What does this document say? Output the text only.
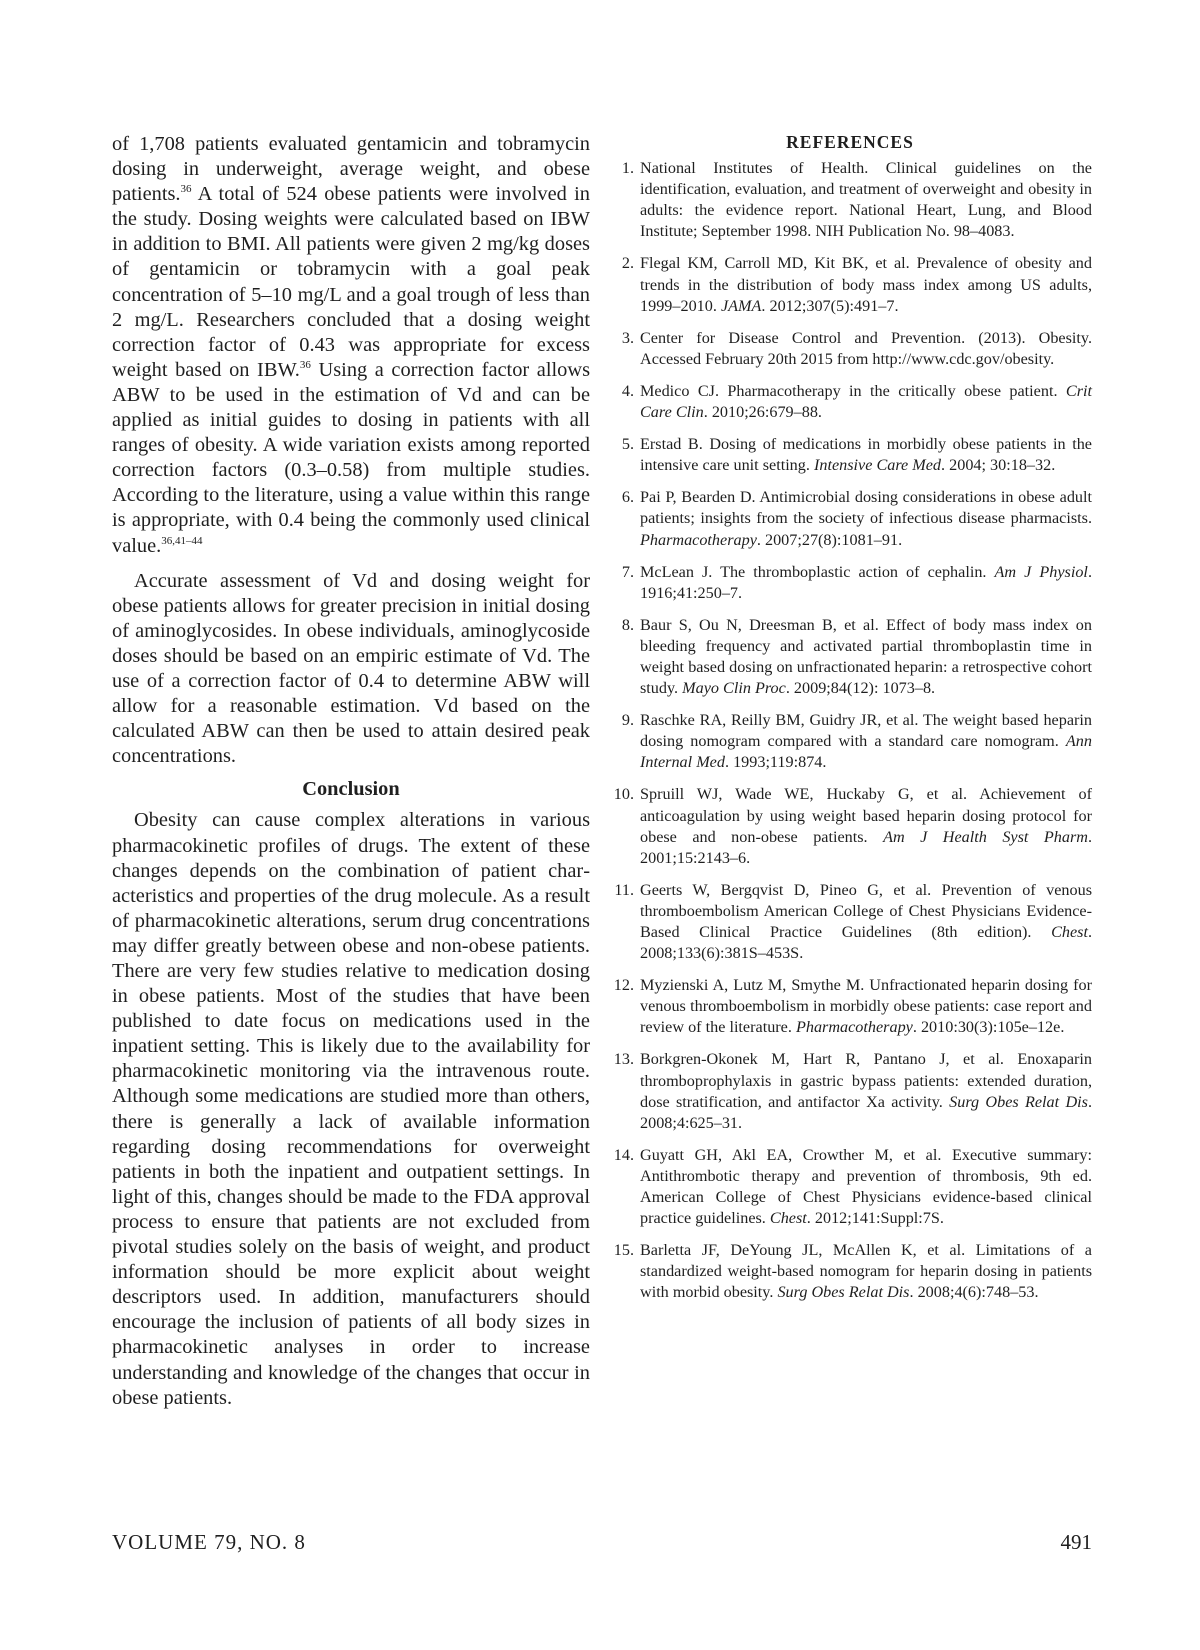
of 1,708 patients evaluated gentamicin and tobramycin dosing in underweight, average weight, and obese patients.$^{36}$ A total of 524 obese patients were involved in the study. Dosing weights were calculated based on IBW in addition to BMI. All patients were given 2 mg/kg doses of gentamicin or tobramycin with a goal peak concentration of 5–10 mg/L and a goal trough of less than 2 mg/L. Researchers concluded that a dosing weight correction factor of 0.43 was appropriate for excess weight based on IBW.$^{36}$ Using a correction factor allows ABW to be used in the estimation of Vd and can be applied as initial guides to dosing in patients with all ranges of obesity. A wide variation exists among reported correction factors (0.3–0.58) from multiple studies. According to the literature, using a value within this range is appropriate, with 0.4 being the commonly used clinical value.$^{36,41-44}$

Accurate assessment of Vd and dosing weight for obese patients allows for greater precision in initial dosing of aminoglycosides. In obese individuals, aminoglycoside doses should be based on an empiric estimate of Vd. The use of a correction factor of 0.4 to determine ABW will allow for a reasonable estimation. Vd based on the calculated ABW can then be used to attain desired peak concentrations.

Conclusion

Obesity can cause complex alterations in various pharmacokinetic profiles of drugs. The extent of these changes depends on the combination of patient characteristics and properties of the drug molecule. As a result of pharmacokinetic alterations, serum drug concentrations may differ greatly between obese and non-obese patients. There are very few studies relative to medication dosing in obese patients. Most of the studies that have been published to date focus on medications used in the inpatient setting. This is likely due to the availability for pharmacokinetic monitoring via the intravenous route. Although some medications are studied more than others, there is generally a lack of available information regarding dosing recommendations for overweight patients in both the inpatient and outpatient settings. In light of this, changes should be made to the FDA approval process to ensure that patients are not excluded from pivotal studies solely on the basis of weight, and product information should be more explicit about weight descriptors used. In addition, manufacturers should encourage the inclusion of patients of all body sizes in pharmacokinetic analyses in order to increase understanding and knowledge of the changes that occur in obese patients.

REFERENCES
1. National Institutes of Health. Clinical guidelines on the identification, evaluation, and treatment of overweight and obesity in adults: the evidence report. National Heart, Lung, and Blood Institute; September 1998. NIH Publication No. 98–4083.
2. Flegal KM, Carroll MD, Kit BK, et al. Prevalence of obesity and trends in the distribution of body mass index among US adults, 1999–2010. JAMA. 2012;307(5):491–7.
3. Center for Disease Control and Prevention. (2013). Obesity. Accessed February 20th 2015 from http://www.cdc.gov/obesity.
4. Medico CJ. Pharmacotherapy in the critically obese patient. Crit Care Clin. 2010;26:679–88.
5. Erstad B. Dosing of medications in morbidly obese patients in the intensive care unit setting. Intensive Care Med. 2004; 30:18–32.
6. Pai P, Bearden D. Antimicrobial dosing considerations in obese adult patients; insights from the society of infectious disease pharmacists. Pharmacotherapy. 2007;27(8):1081–91.
7. McLean J. The thromboplastic action of cephalin. Am J Physiol. 1916;41:250–7.
8. Baur S, Ou N, Dreesman B, et al. Effect of body mass index on bleeding frequency and activated partial thromboplastin time in weight based dosing on unfractionated heparin: a retrospective cohort study. Mayo Clin Proc. 2009;84(12): 1073–8.
9. Raschke RA, Reilly BM, Guidry JR, et al. The weight based heparin dosing nomogram compared with a standard care nomogram. Ann Internal Med. 1993;119:874.
10. Spruill WJ, Wade WE, Huckaby G, et al. Achievement of anticoagulation by using weight based heparin dosing protocol for obese and non-obese patients. Am J Health Syst Pharm. 2001;15:2143–6.
11. Geerts W, Bergqvist D, Pineo G, et al. Prevention of venous thromboembolism American College of Chest Physicians Evidence-Based Clinical Practice Guidelines (8th edition). Chest. 2008;133(6):381S–453S.
12. Myzienski A, Lutz M, Smythe M. Unfractionated heparin dosing for venous thromboembolism in morbidly obese patients: case report and review of the literature. Pharmacotherapy. 2010:30(3):105e–12e.
13. Borkgren-Okonek M, Hart R, Pantano J, et al. Enoxaparin thromboprophylaxis in gastric bypass patients: extended duration, dose stratification, and antifactor Xa activity. Surg Obes Relat Dis. 2008;4:625–31.
14. Guyatt GH, Akl EA, Crowther M, et al. Executive summary: Antithrombotic therapy and prevention of thrombosis, 9th ed. American College of Chest Physicians evidence-based clinical practice guidelines. Chest. 2012;141:Suppl:7S.
15. Barletta JF, DeYoung JL, McAllen K, et al. Limitations of a standardized weight-based nomogram for heparin dosing in patients with morbid obesity. Surg Obes Relat Dis. 2008;4(6):748–53.
VOLUME 79, NO. 8	491
